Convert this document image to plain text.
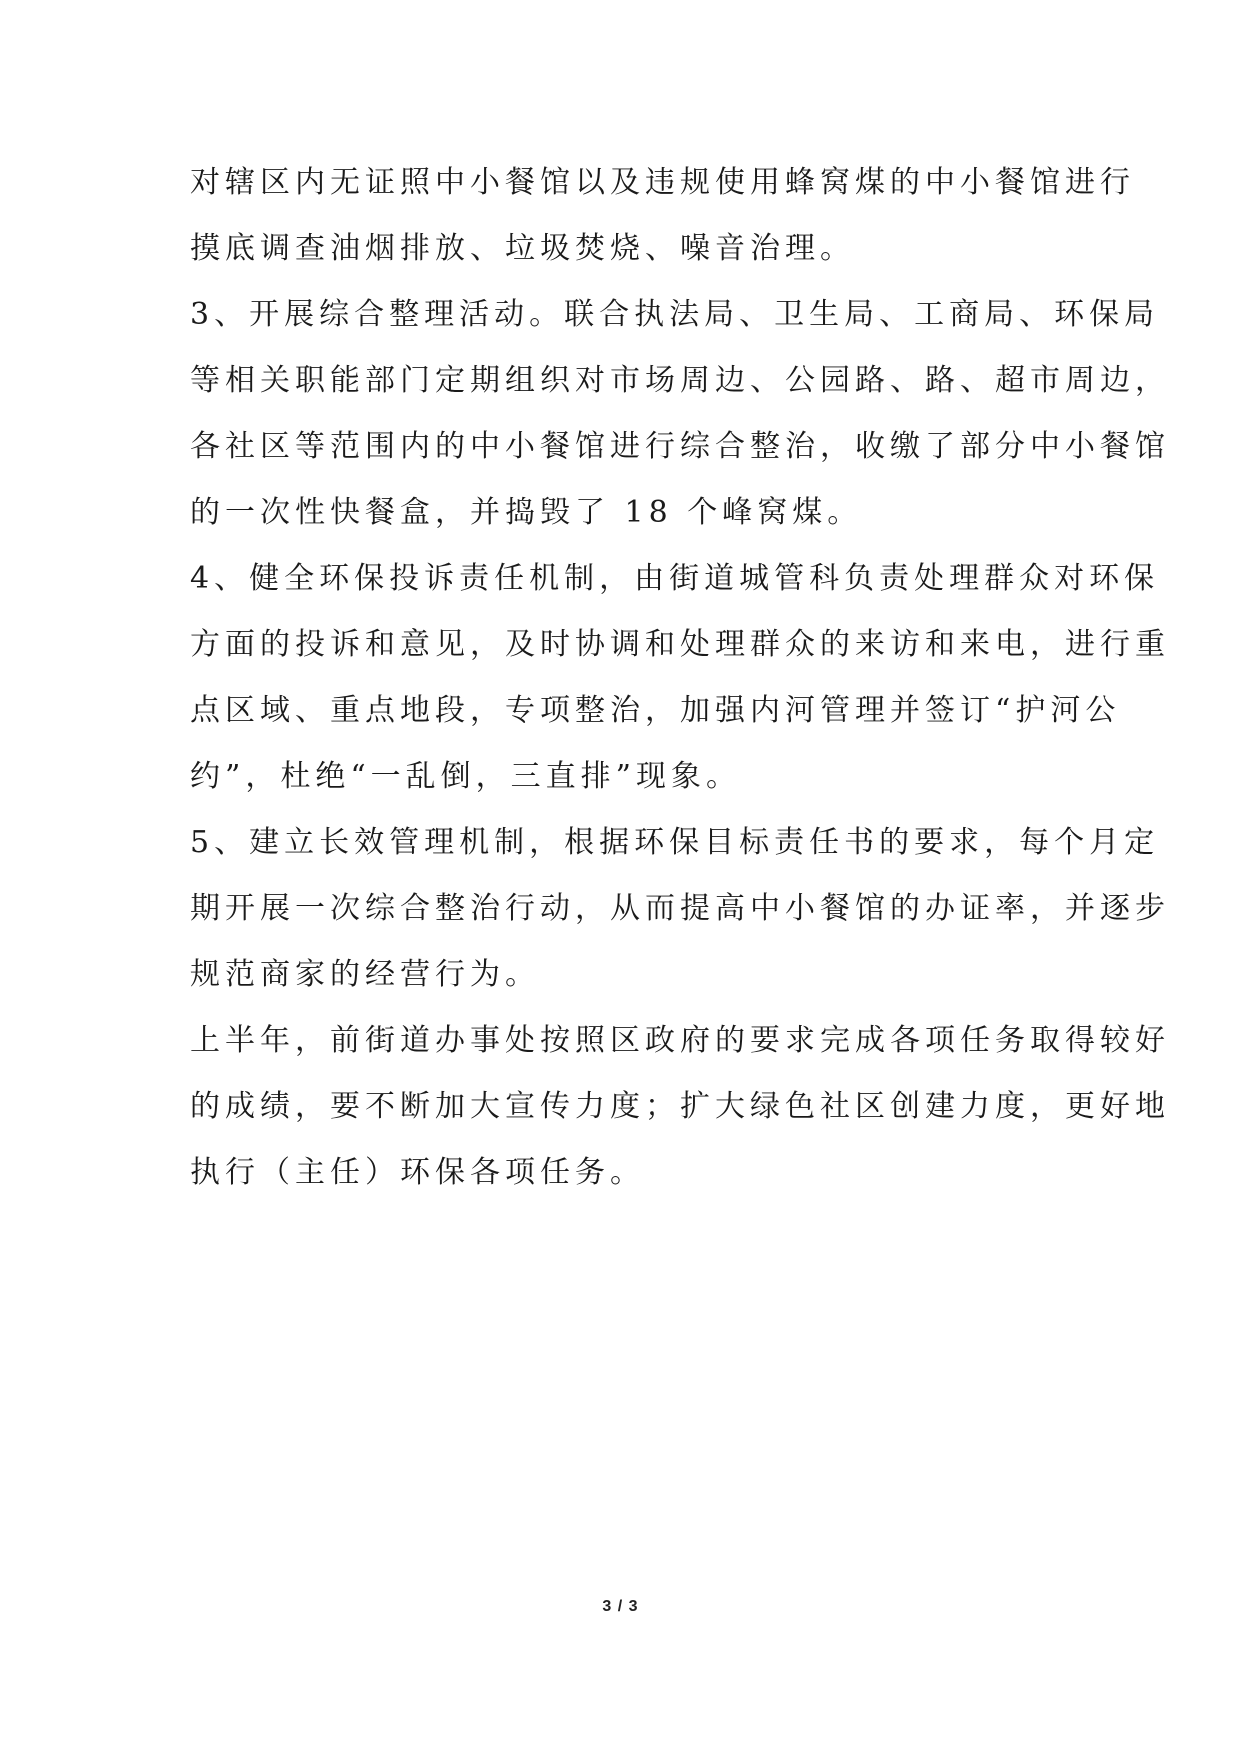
对辖区内无证照中小餐馆以及违规使用蜂窝煤的中小餐馆进行
摸底调查油烟排放、垃圾焚烧、噪音治理。
3、开展综合整理活动。联合执法局、卫生局、工商局、环保局
等相关职能部门定期组织对市场周边、公园路、路、超市周边，
各社区等范围内的中小餐馆进行综合整治，收缴了部分中小餐馆
的一次性快餐盒，并捣毁了 18 个峰窝煤。
4、健全环保投诉责任机制，由街道城管科负责处理群众对环保
方面的投诉和意见，及时协调和处理群众的来访和来电，进行重
点区域、重点地段，专项整治，加强内河管理并签订“护河公
约”，杜绝“一乱倒，三直排”现象。
5、建立长效管理机制，根据环保目标责任书的要求，每个月定
期开展一次综合整治行动，从而提高中小餐馆的办证率，并逐步
规范商家的经营行为。
上半年，前街道办事处按照区政府的要求完成各项任务取得较好
的成绩，要不断加大宣传力度；扩大绿色社区创建力度，更好地
执行（主任）环保各项任务。
3 / 3
